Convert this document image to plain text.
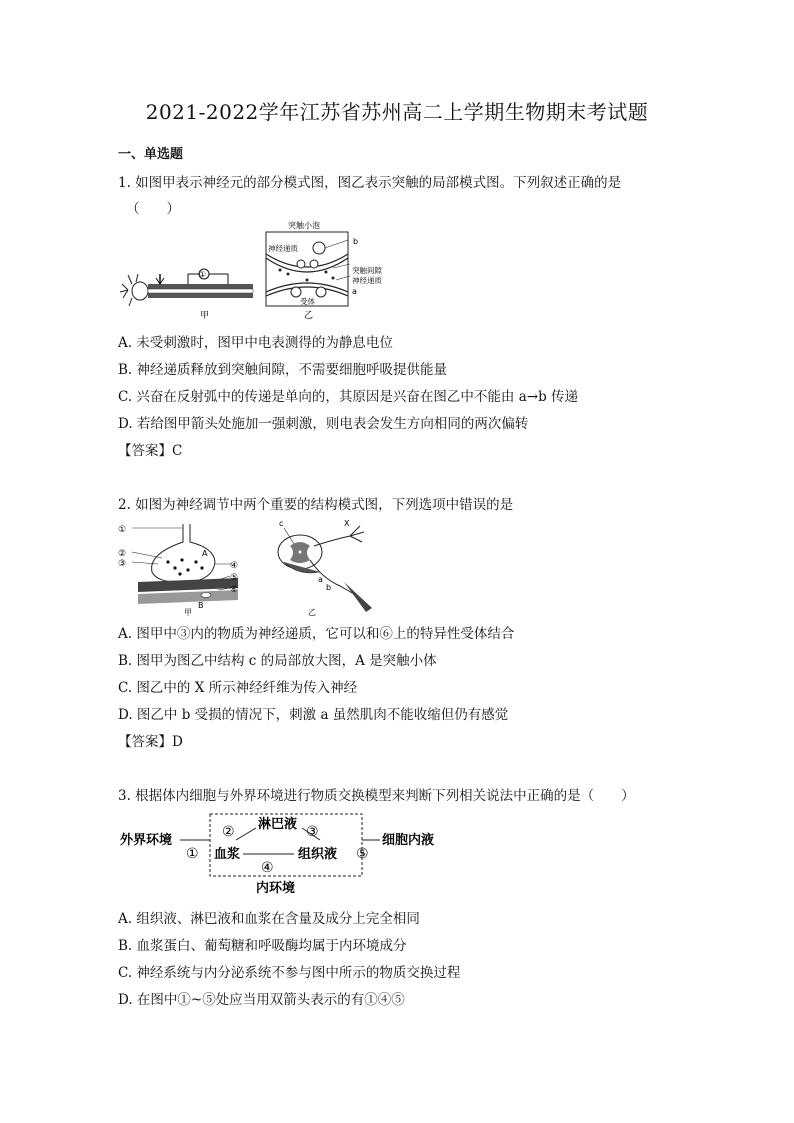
2021-2022学年江苏省苏州高二上学期生物期末考试题
一、单选题
1. 如图甲表示神经元的部分模式图，图乙表示突触的局部模式图。下列叙述正确的是
（　　）
①
甲
突触小泡
神经递质
b
突触间隙
神经递质
a
受体
乙
A. 未受刺激时，图甲中电表测得的为静息电位
B. 神经递质释放到突触间隙，不需要细胞呼吸提供能量
C. 兴奋在反射弧中的传递是单向的，其原因是兴奋在图乙中不能由 a→b 传递
D. 若给图甲箭头处施加一强刺激，则电表会发生方向相同的两次偏转
【答案】C
2. 如图为神经调节中两个重要的结构模式图，下列选项中错误的是
①
②
③	④
⑤
⑥
A
B
甲
c	X
a
b
乙
A. 图甲中③内的物质为神经递质，它可以和⑥上的特异性受体结合
B. 图甲为图乙中结构 c 的局部放大图，A 是突触小体
C. 图乙中的 X 所示神经纤维为传入神经
D. 图乙中 b 受损的情况下，刺激 a 虽然肌肉不能收缩但仍有感觉
【答案】D
3. 根据体内细胞与外界环境进行物质交换模型来判断下列相关说法中正确的是（　　）
外界环境
①
② 淋巴液 ③
血浆	组织液
④
⑤
细胞内液
内环境
A. 组织液、淋巴液和血浆在含量及成分上完全相同
B. 血浆蛋白、葡萄糖和呼吸酶均属于内环境成分
C. 神经系统与内分泌系统不参与图中所示的物质交换过程
D. 在图中①~⑤处应当用双箭头表示的有①④⑤
